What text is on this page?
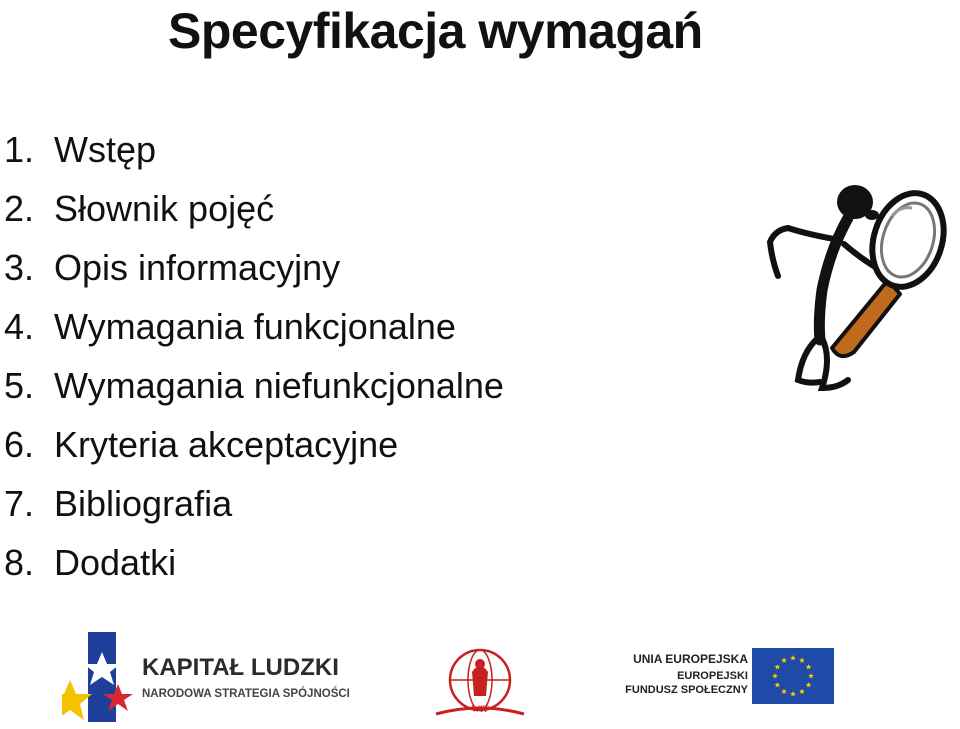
Specyfikacja wymagań
1. Wstęp
2. Słownik pojęć
3. Opis informacyjny
4. Wymagania funkcjonalne
5. Wymagania niefunkcjonalne
6. Kryteria akceptacyjne
7. Bibliografia
8. Dodatki
KAPITAŁ LUDZKI
NARODOWA STRATEGIA SPÓJNOŚCI
WIT
UNIA EUROPEJSKA
EUROPEJSKI
FUNDUSZ SPOŁECZNY
